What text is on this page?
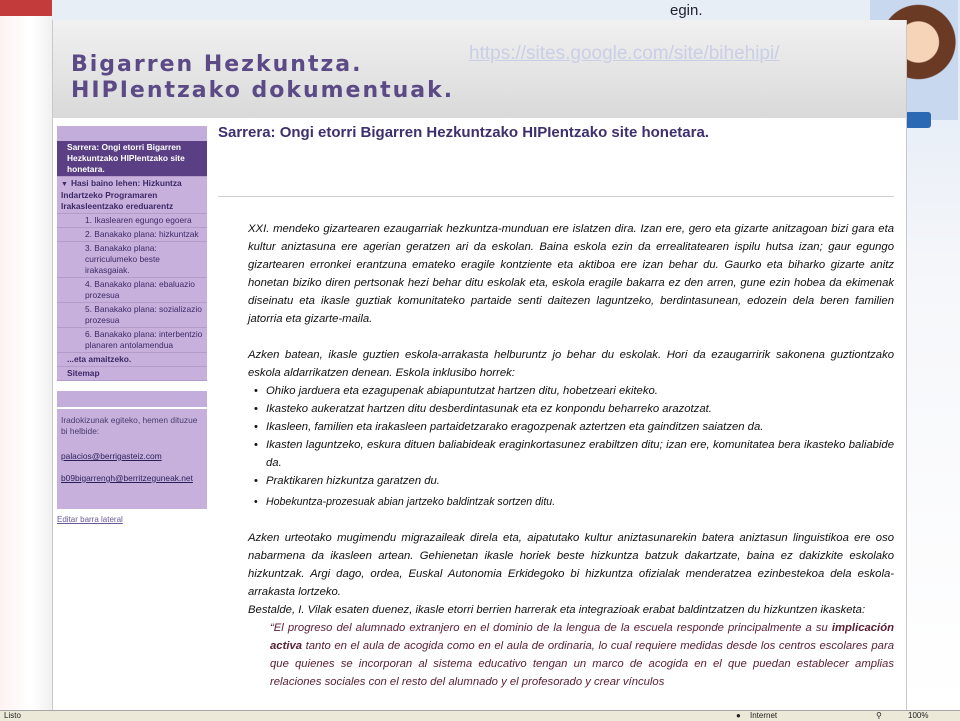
egin.
Bigarren Hezkuntza.
HIPIentzako dokumentuak.
https://sites.google.com/site/bihehipi/
Sarrera: Ongi etorri Bigarren Hezkuntzako HIPIentzako site honetara.
▼ Hasi baino lehen: Hizkuntza Indartzeko Programaren Irakasleentzako ereduarentz
1. Ikaslearen egungo egoera
2. Banakako plana: hizkuntzak
3. Banakako plana: curriculumeko beste irakasgaiak.
4. Banakako plana: ebaluazio prozesua
5. Banakako plana: sozializazio prozesua
6. Banakako plana: interbentzio planaren antolamendua
...eta amaitzeko.
Sitemap
Iradokizunak egiteko, hemen dituzue bi helbide:
palacios@berrigasteiz.com
b09bigarrengh@berritzeguneak.net
Editar barra lateral
Sarrera: Ongi etorri Bigarren Hezkuntzako HIPIentzako site honetara.

XXI. mendeko gizartearen ezaugarriak hezkuntza-munduan ere islatzen dira. Izan ere, gero eta gizarte anitzagoan bizi gara eta kultur aniztasuna ere agerian geratzen ari da eskolan. Baina eskola ezin da errealitatearen ispilu hutsa izan; gaur egungo gizartearen erronkei erantzuna emateko eragile kontziente eta aktiboa ere izan behar du. Gaurko eta biharko gizarte anitz honetan biziko diren pertsonak hezi behar ditu eskolak eta, eskola eragile bakarra ez den arren, gune ezin hobea da ekimenak diseinatu eta ikasle guztiak komunitateko partaide senti daitezen laguntzeko, berdintasunean, edozein dela beren familien jatorria eta gizarte-maila.

Azken batean, ikasle guztien eskola-arrakasta helburuntz jo behar du eskolak. Hori da ezaugarririk sakonena guztiontzako eskola aldarrikatzen denean. Eskola inklusibo horrek:

• Ohiko jarduera eta ezagupenak abiapuntutzat hartzen ditu, hobetzeari ekiteko.
• Ikasteko aukeratzat hartzen ditu desberdintasunak eta ez konpondu beharreko arazotzat.
• Ikasleen, familien eta irakasleen partaidetzarako eragozpenak aztertzen eta gainditzen saiatzen da.
• Ikasten laguntzeko, eskura dituen baliabideak eraginkortasunez erabiltzen ditu; izan ere, komunitatea bera ikasteko baliabide da.
• Praktikaren hizkuntza garatzen du.
• Hobekuntza-prozesuak abian jartzeko baldintzak sortzen ditu.

Azken urteotako mugimendu migrazaileak direla eta, aipatutako kultur aniztasunarekin batera aniztasun linguistikoa ere oso nabarmena da ikasleen artean. Gehienetan ikasle horiek beste hizkuntza batzuk dakartzate, baina ez dakizkite eskolako hizkuntzak. Argi dago, ordea, Euskal Autonomia Erkidegoko bi hizkuntza ofizialak menderatzea ezinbestekoa dela eskola-arrakasta lortzeko.

Bestalde, I. Vilak esaten duenez, ikasle etorri berrien harrerak eta integrazioak erabat baldintzatzen du hizkuntzen ikasketa:

“El progreso del alumnado extranjero en el dominio de la lengua de la escuela responde principalmente a su implicación activa tanto en el aula de acogida como en el aula de ordinaria, lo cual requiere medidas desde los centros escolares para que quienes se incorporan al sistema educativo tengan un marco de acogida en el que puedan establecer amplias relaciones sociales con el resto del alumnado y el profesorado y crear vínculos

Listo	● Internet	⚲	100%
